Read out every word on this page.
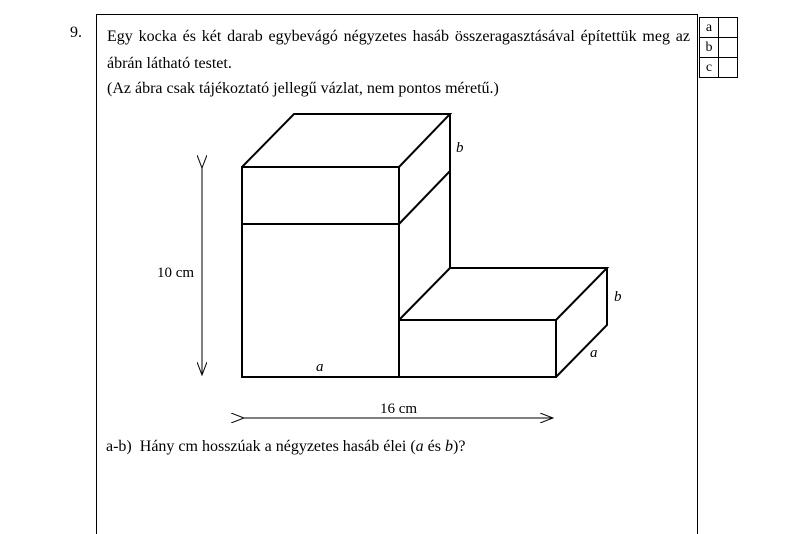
9. Egy kocka és két darab egybevágó négyzetes hasáb összeragasztásával építettük meg az ábrán látható testet.
(Az ábra csak tájékoztató jellegű vázlat, nem pontos méretű.)
a	
b	
c	
10 cm
16 cm
a
a
b
b
a-b) Hány cm hosszúak a négyzetes hasáb élei (a és b)?
